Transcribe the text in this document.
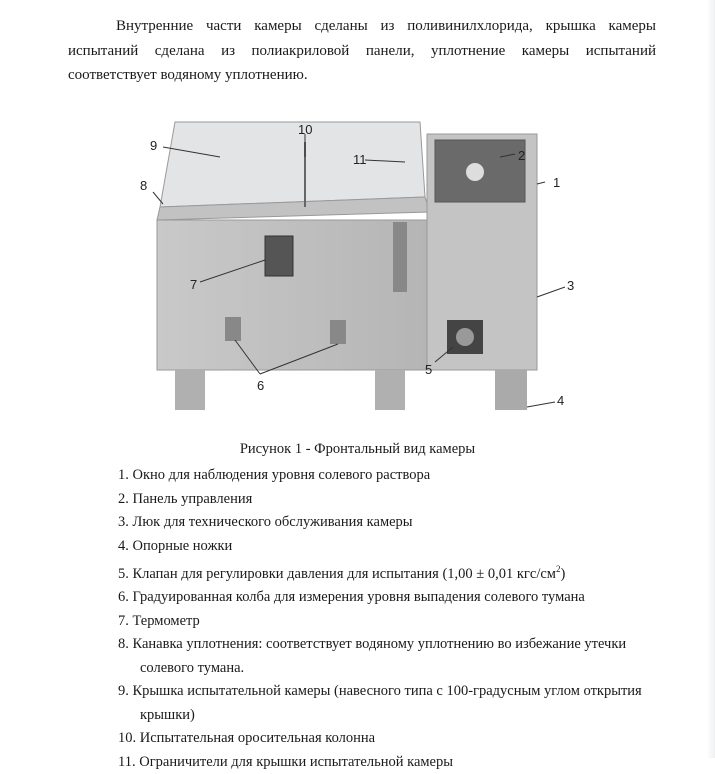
Внутренние части камеры сделаны из поливинилхлорида, крышка камеры испытаний сделана из полиакриловой панели, уплотнение камеры испытаний соответствует водяному уплотнению.

1
2
3
4
5
6
7
8
9
10
11
Рисунок 1 - Фронтальный вид камеры
1. Окно для наблюдения уровня солевого раствора
2. Панель управления
3. Люк для технического обслуживания камеры
4. Опорные ножки
5. Клапан для регулировки давления для испытания (1,00 ± 0,01 кгс/$см^2$)
6. Градуированная колба для измерения уровня выпадения солевого тумана
7. Термометр
8. Канавка уплотнения: соответствует водяному уплотнению во избежание утечки
солевого тумана.
9. Крышка испытательной камеры (навесного типа с 100-градусным углом открытия
крышки)
10. Испытательная оросительная колонна
11. Ограничители для крышки испытательной камеры
